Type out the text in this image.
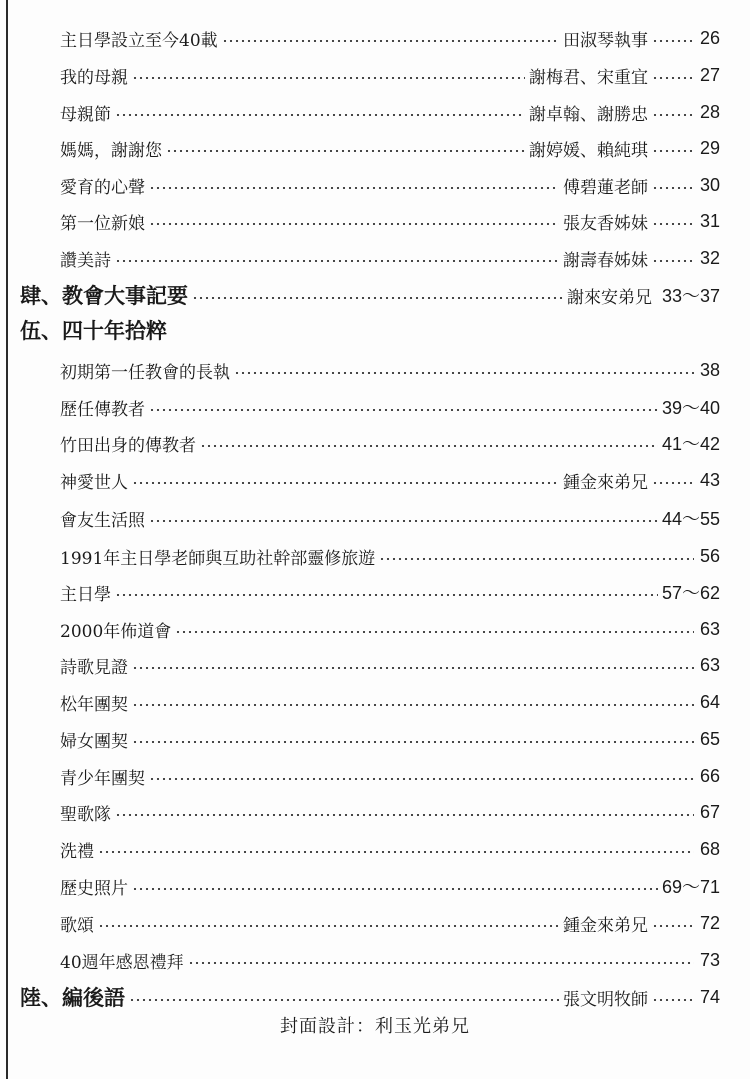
主日學設立至今40載	田淑琴執事	26
我的母親	謝梅君、宋重宜	27
母親節	謝卓翰、謝勝忠	28
媽媽，謝謝您	謝婷媛、賴純琪	29
愛育的心聲	傅碧蓮老師	30
第一位新娘	張友香姊妹	31
讚美詩	謝壽春姊妹	32
肆、教會大事記要	謝來安弟兄 33～37
伍、四十年拾粹
初期第一任教會的長執	38
歷任傳教者	39～40
竹田出身的傳教者	41～42
神愛世人	鍾金來弟兄	43
會友生活照	44～55
1991年主日學老師與互助社幹部靈修旅遊	56
主日學	57～62
2000年佈道會	63
詩歌見證	63
松年團契	64
婦女團契	65
青少年團契	66
聖歌隊	67
洗禮	68
歷史照片	69～71
歌頌	鍾金來弟兄	72
40週年感恩禮拜	73
陸、編後語	張文明牧師	74
封面設計：利玉光弟兄
